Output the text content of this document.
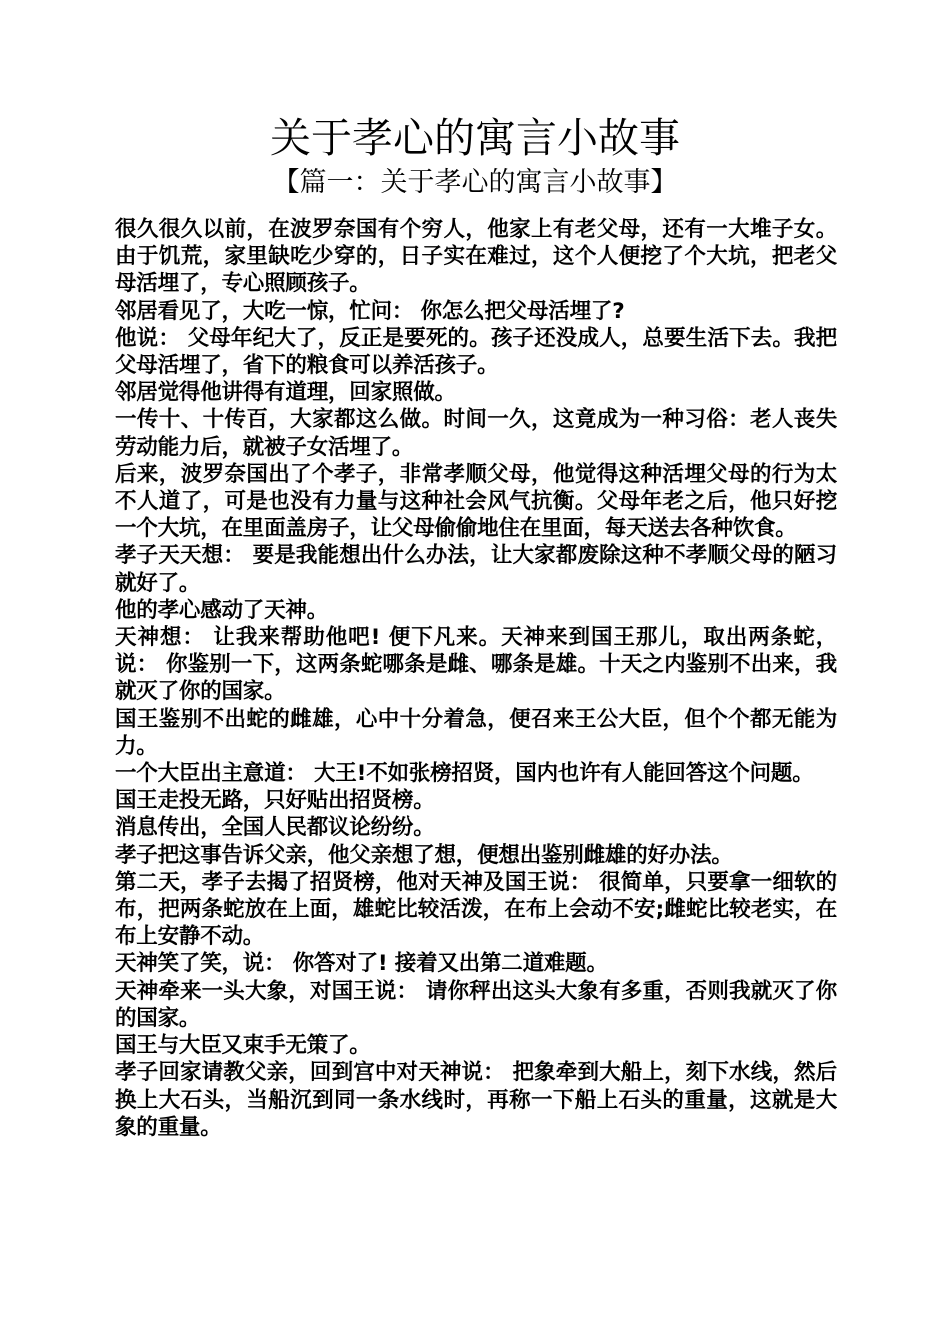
关于孝心的寓言小故事
【篇一：关于孝心的寓言小故事】

很久很久以前，在波罗奈国有个穷人，他家上有老父母，还有一大堆子女。由于饥荒，家里缺吃少穿的，日子实在难过，这个人便挖了个大坑，把老父母活埋了，专心照顾孩子。

邻居看见了，大吃一惊，忙问： 你怎么把父母活埋了?

他说： 父母年纪大了，反正是要死的。孩子还没成人，总要生活下去。我把父母活埋了，省下的粮食可以养活孩子。

邻居觉得他讲得有道理，回家照做。

一传十、十传百，大家都这么做。时间一久，这竟成为一种习俗：老人丧失劳动能力后，就被子女活埋了。

后来，波罗奈国出了个孝子，非常孝顺父母，他觉得这种活埋父母的行为太不人道了，可是也没有力量与这种社会风气抗衡。父母年老之后，他只好挖一个大坑，在里面盖房子，让父母偷偷地住在里面，每天送去各种饮食。

孝子天天想： 要是我能想出什么办法，让大家都废除这种不孝顺父母的陋习就好了。

他的孝心感动了天神。

天神想： 让我来帮助他吧! 便下凡来。天神来到国王那儿，取出两条蛇，说： 你鉴别一下，这两条蛇哪条是雌、哪条是雄。十天之内鉴别不出来，我就灭了你的国家。

国王鉴别不出蛇的雌雄，心中十分着急，便召来王公大臣，但个个都无能为力。

一个大臣出主意道： 大王!不如张榜招贤，国内也许有人能回答这个问题。

国王走投无路，只好贴出招贤榜。

消息传出，全国人民都议论纷纷。

孝子把这事告诉父亲，他父亲想了想，便想出鉴别雌雄的好办法。

第二天，孝子去揭了招贤榜，他对天神及国王说： 很简单，只要拿一细软的布，把两条蛇放在上面，雄蛇比较活泼，在布上会动不安;雌蛇比较老实，在布上安静不动。

天神笑了笑，说： 你答对了! 接着又出第二道难题。

天神牵来一头大象，对国王说： 请你秤出这头大象有多重，否则我就灭了你的国家。

国王与大臣又束手无策了。

孝子回家请教父亲，回到宫中对天神说： 把象牵到大船上，刻下水线，然后换上大石头，当船沉到同一条水线时，再称一下船上石头的重量，这就是大象的重量。
